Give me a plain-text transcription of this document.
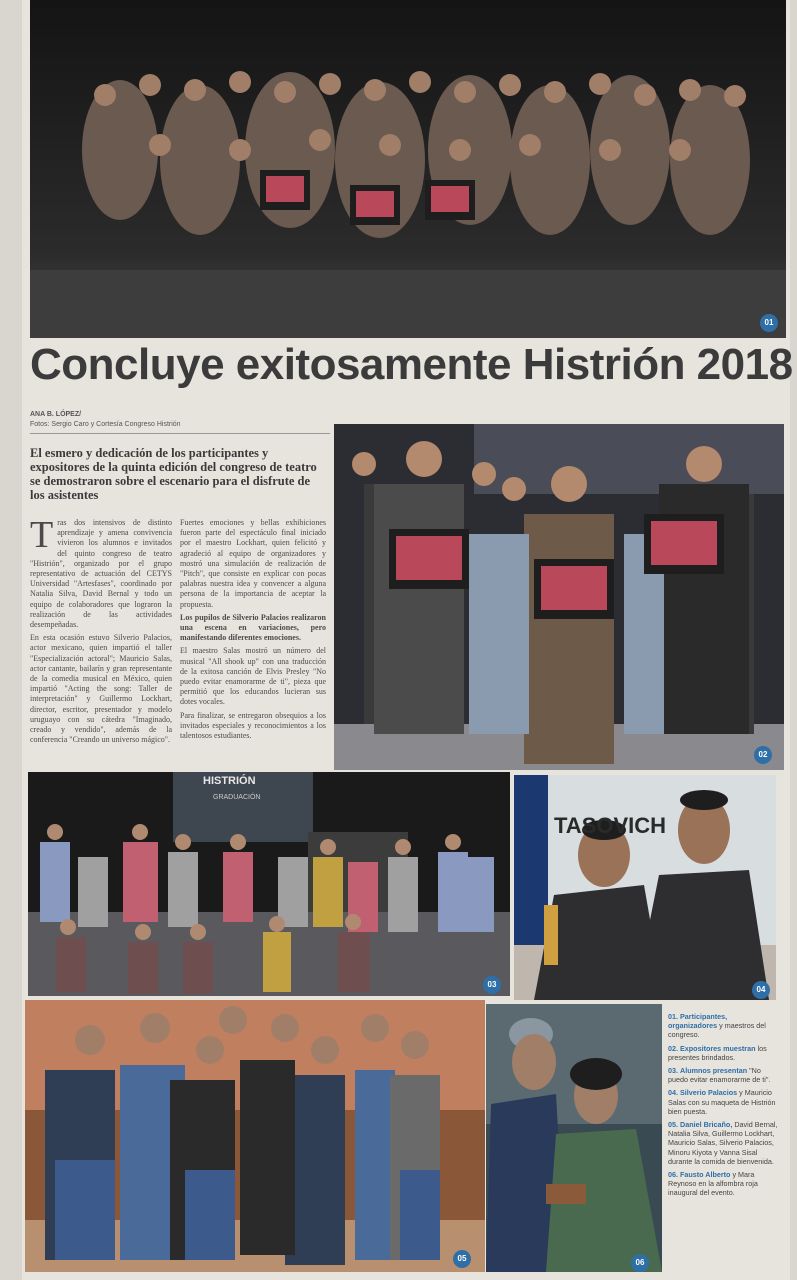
01
Concluye exitosamente Histrión 2018
ANA B. LÓPEZ/
Fotos: Sergio Caro y Cortesía Congreso Histrión
El esmero y dedicación de los participantes y expositores de la quinta edición del congreso de teatro se demostraron sobre el escenario para el disfrute de los asistentes
T ras dos intensivos de distinto aprendizaje y amena convivencia vivieron los alumnos e invitados del quinto congreso de teatro "Histrión", organizado por el grupo representativo de actuación del CETYS Universidad "Artesfases", coordinado por Natalia Silva, David Bernal y todo un equipo de colaboradores que lograron la realización de las actividades desempeñadas.

En esta ocasión estuvo Silverio Palacios, actor mexicano, quien impartió el taller "Especialización actoral"; Mauricio Salas, actor cantante, bailarín y gran representante de la comedia musical en México, quien impartió "Acting the song: Taller de interpretación" y Guillermo Lockhart, director, escritor, presentador y modelo uruguayo con su cátedra "Imaginado, creado y vendido", además de la conferencia "Creando un universo mágico".

Fuertes emociones y bellas exhibiciones fueron parte del espectáculo final iniciado por el maestro Lockhart, quien felicitó y agradeció al equipo de organizadores y mostró una simulación de realización de "Pitch", que consiste en explicar con pocas palabras nuestra idea y convencer a alguna persona de la importancia de aceptar la propuesta.

Los pupilos de Silverio Palacios realizaron una escena en variaciones, pero manifestando diferentes emociones.

El maestro Salas mostró un número del musical "All shook up" con una traducción de la exitosa canción de Elvis Presley "No puedo evitar enamorarme de ti", pieza que permitió que los educandos lucieran sus dotes vocales.

Para finalizar, se entregaron obsequios a los invitados especiales y reconocimientos a los talentosos estudiantes.

02
HISTRIÓN
GRADUACIÓN
03
TASOVICH
04
05	06

01. Participantes, organizadores y maestros del congreso.

02. Expositores muestran los presentes brindados.

03. Alumnos presentan "No puedo evitar enamorarme de ti".

04. Silverio Palacios y Mauricio Salas con su maqueta de Histrión bien puesta.

05. Daniel Bricaño, David Bernal, Natalia Silva, Guillermo Lockhart, Mauricio Salas, Silverio Palacios, Minoru Kiyota y Vanna Sisal durante la comida de bienvenida.

06. Fausto Alberto y Mara Reynoso en la alfombra roja inaugural del evento.
